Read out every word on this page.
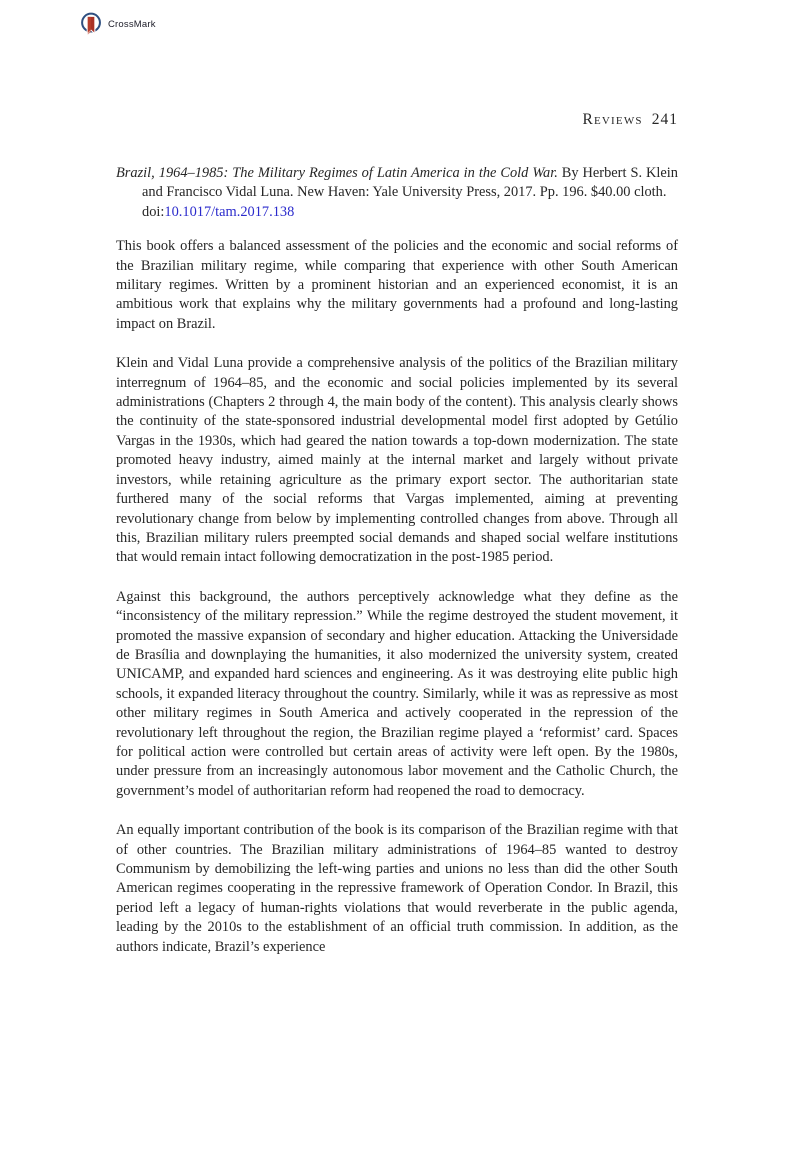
CrossMark
Reviews 241

Brazil, 1964–1985: The Military Regimes of Latin America in the Cold War. By Herbert S. Klein and Francisco Vidal Luna. New Haven: Yale University Press, 2017. Pp. 196. $40.00 cloth.
doi:10.1017/tam.2017.138

This book offers a balanced assessment of the policies and the economic and social reforms of the Brazilian military regime, while comparing that experience with other South American military regimes. Written by a prominent historian and an experienced economist, it is an ambitious work that explains why the military governments had a profound and long-lasting impact on Brazil.

Klein and Vidal Luna provide a comprehensive analysis of the politics of the Brazilian military interregnum of 1964–85, and the economic and social policies implemented by its several administrations (Chapters 2 through 4, the main body of the content). This analysis clearly shows the continuity of the state-sponsored industrial developmental model first adopted by Getúlio Vargas in the 1930s, which had geared the nation towards a top-down modernization. The state promoted heavy industry, aimed mainly at the internal market and largely without private investors, while retaining agriculture as the primary export sector. The authoritarian state furthered many of the social reforms that Vargas implemented, aiming at preventing revolutionary change from below by implementing controlled changes from above. Through all this, Brazilian military rulers preempted social demands and shaped social welfare institutions that would remain intact following democratization in the post-1985 period.

Against this background, the authors perceptively acknowledge what they define as the “inconsistency of the military repression.” While the regime destroyed the student movement, it promoted the massive expansion of secondary and higher education. Attacking the Universidade de Brasília and downplaying the humanities, it also modernized the university system, created UNICAMP, and expanded hard sciences and engineering. As it was destroying elite public high schools, it expanded literacy throughout the country. Similarly, while it was as repressive as most other military regimes in South America and actively cooperated in the repression of the revolutionary left throughout the region, the Brazilian regime played a ‘reformist’ card. Spaces for political action were controlled but certain areas of activity were left open. By the 1980s, under pressure from an increasingly autonomous labor movement and the Catholic Church, the government’s model of authoritarian reform had reopened the road to democracy.

An equally important contribution of the book is its comparison of the Brazilian regime with that of other countries. The Brazilian military administrations of 1964–85 wanted to destroy Communism by demobilizing the left-wing parties and unions no less than did the other South American regimes cooperating in the repressive framework of Operation Condor. In Brazil, this period left a legacy of human-rights violations that would reverberate in the public agenda, leading by the 2010s to the establishment of an official truth commission. In addition, as the authors indicate, Brazil’s experience
